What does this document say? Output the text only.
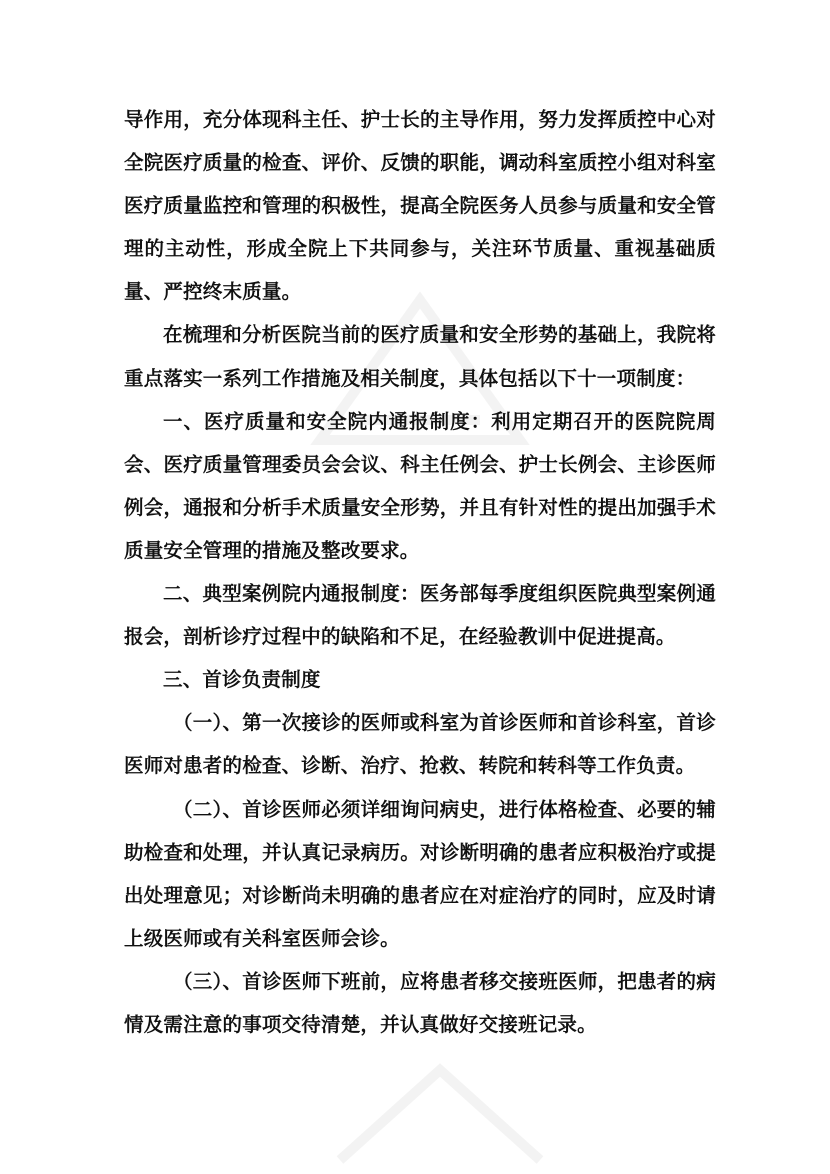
导作用，充分体现科主任、护士长的主导作用，努力发挥质控中心对全院医疗质量的检查、评价、反馈的职能，调动科室质控小组对科室医疗质量监控和管理的积极性，提高全院医务人员参与质量和安全管理的主动性，形成全院上下共同参与，关注环节质量、重视基础质量、严控终末质量。

在梳理和分析医院当前的医疗质量和安全形势的基础上，我院将重点落实一系列工作措施及相关制度，具体包括以下十一项制度：

一、医疗质量和安全院内通报制度：利用定期召开的医院院周会、医疗质量管理委员会会议、科主任例会、护士长例会、主诊医师例会，通报和分析手术质量安全形势，并且有针对性的提出加强手术质量安全管理的措施及整改要求。

二、典型案例院内通报制度：医务部每季度组织医院典型案例通报会，剖析诊疗过程中的缺陷和不足，在经验教训中促进提高。

三、首诊负责制度

（一）、第一次接诊的医师或科室为首诊医师和首诊科室，首诊医师对患者的检查、诊断、治疗、抢救、转院和转科等工作负责。

（二）、首诊医师必须详细询问病史，进行体格检查、必要的辅助检查和处理，并认真记录病历。对诊断明确的患者应积极治疗或提出处理意见；对诊断尚未明确的患者应在对症治疗的同时，应及时请上级医师或有关科室医师会诊。

（三）、首诊医师下班前，应将患者移交接班医师，把患者的病情及需注意的事项交待清楚，并认真做好交接班记录。
